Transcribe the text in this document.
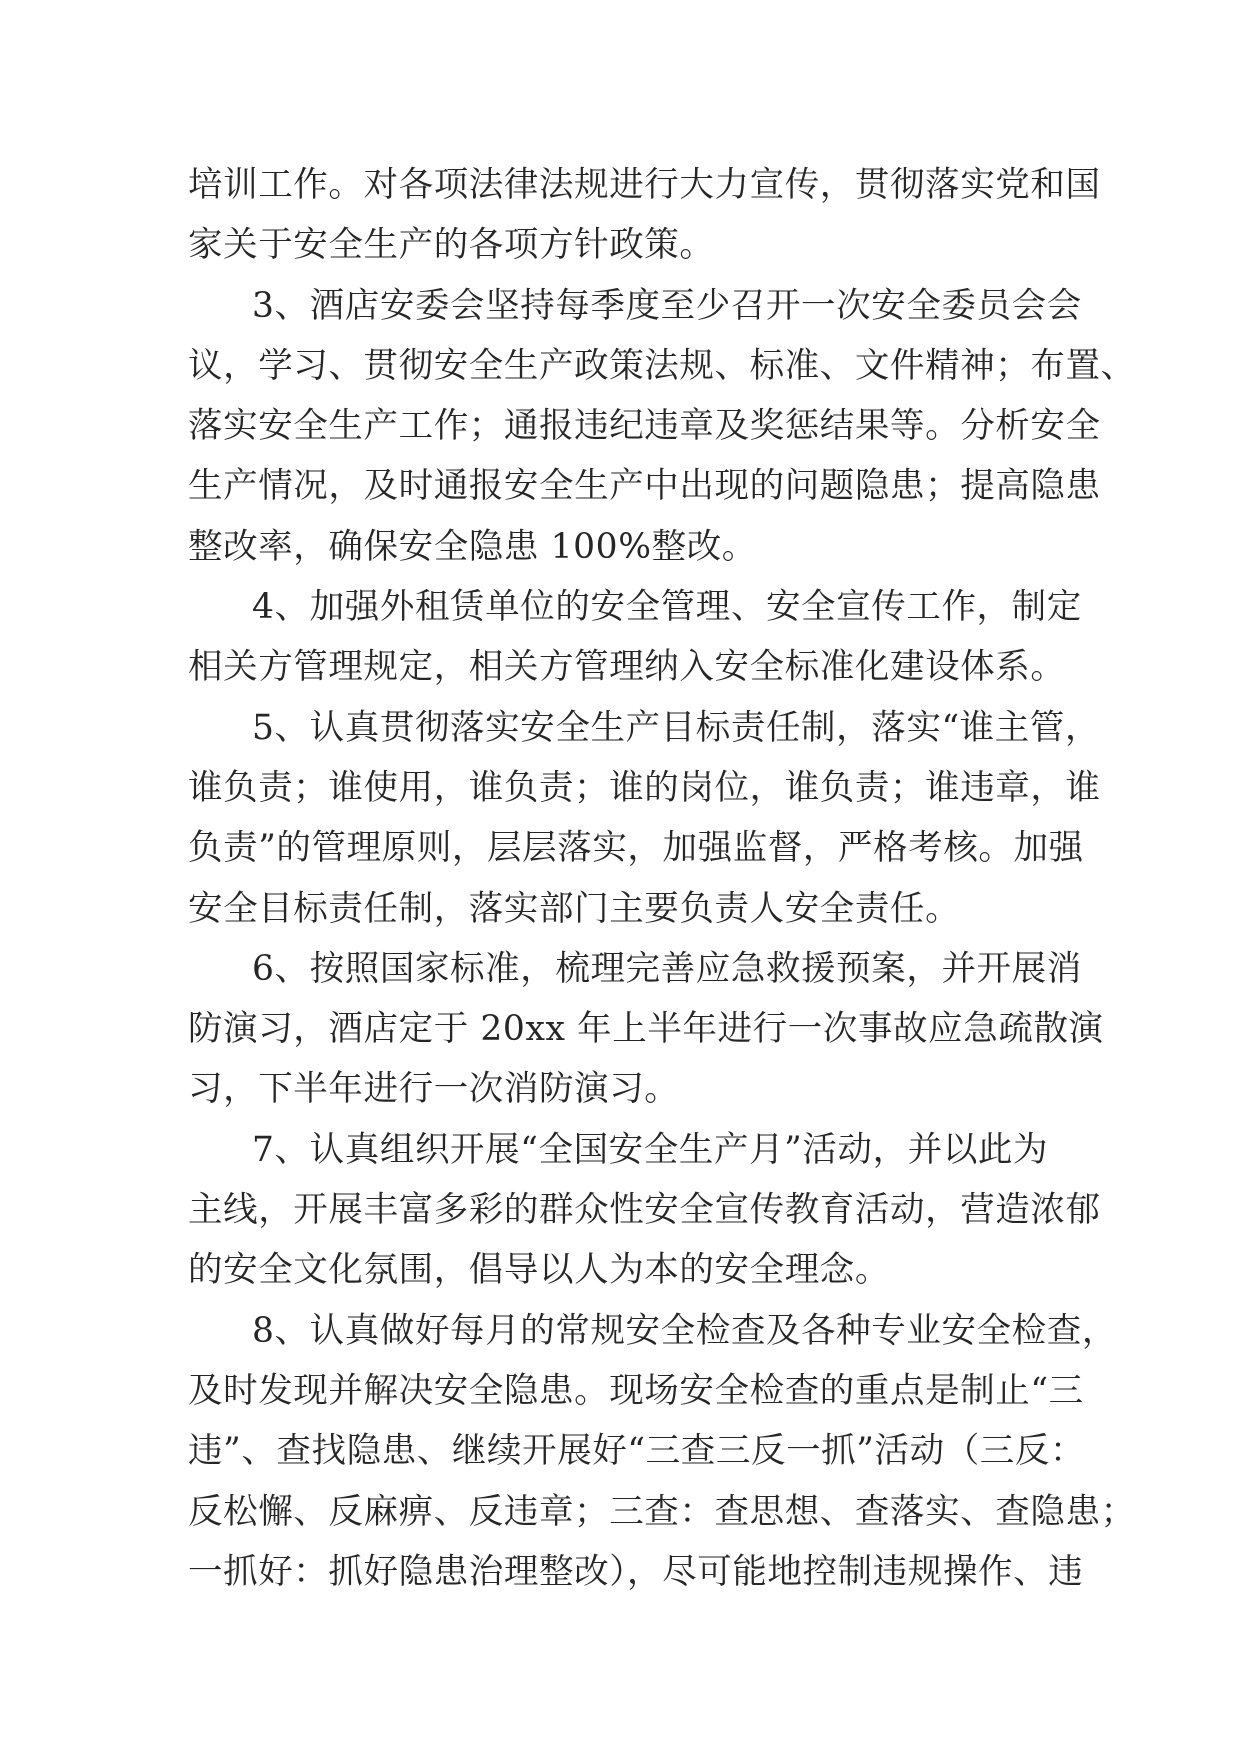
培训工作。对各项法律法规进行大力宣传，贯彻落实党和国
家关于安全生产的各项方针政策。
3、酒店安委会坚持每季度至少召开一次安全委员会会
议，学习、贯彻安全生产政策法规、标准、文件精神；布置、
落实安全生产工作；通报违纪违章及奖惩结果等。分析安全
生产情况，及时通报安全生产中出现的问题隐患；提高隐患
整改率，确保安全隐患 100%整改。
4、加强外租赁单位的安全管理、安全宣传工作，制定
相关方管理规定，相关方管理纳入安全标准化建设体系。
5、认真贯彻落实安全生产目标责任制，落实“谁主管，
谁负责；谁使用，谁负责；谁的岗位，谁负责；谁违章，谁
负责”的管理原则，层层落实，加强监督，严格考核。加强
安全目标责任制，落实部门主要负责人安全责任。
6、按照国家标准，梳理完善应急救援预案，并开展消
防演习，酒店定于 20xx 年上半年进行一次事故应急疏散演
习，下半年进行一次消防演习。
7、认真组织开展“全国安全生产月”活动，并以此为
主线，开展丰富多彩的群众性安全宣传教育活动，营造浓郁
的安全文化氛围，倡导以人为本的安全理念。
8、认真做好每月的常规安全检查及各种专业安全检查，
及时发现并解决安全隐患。现场安全检查的重点是制止“三
违”、查找隐患、继续开展好“三查三反一抓”活动（三反：
反松懈、反麻痹、反违章；三查：查思想、查落实、查隐患；
一抓好：抓好隐患治理整改），尽可能地控制违规操作、违
